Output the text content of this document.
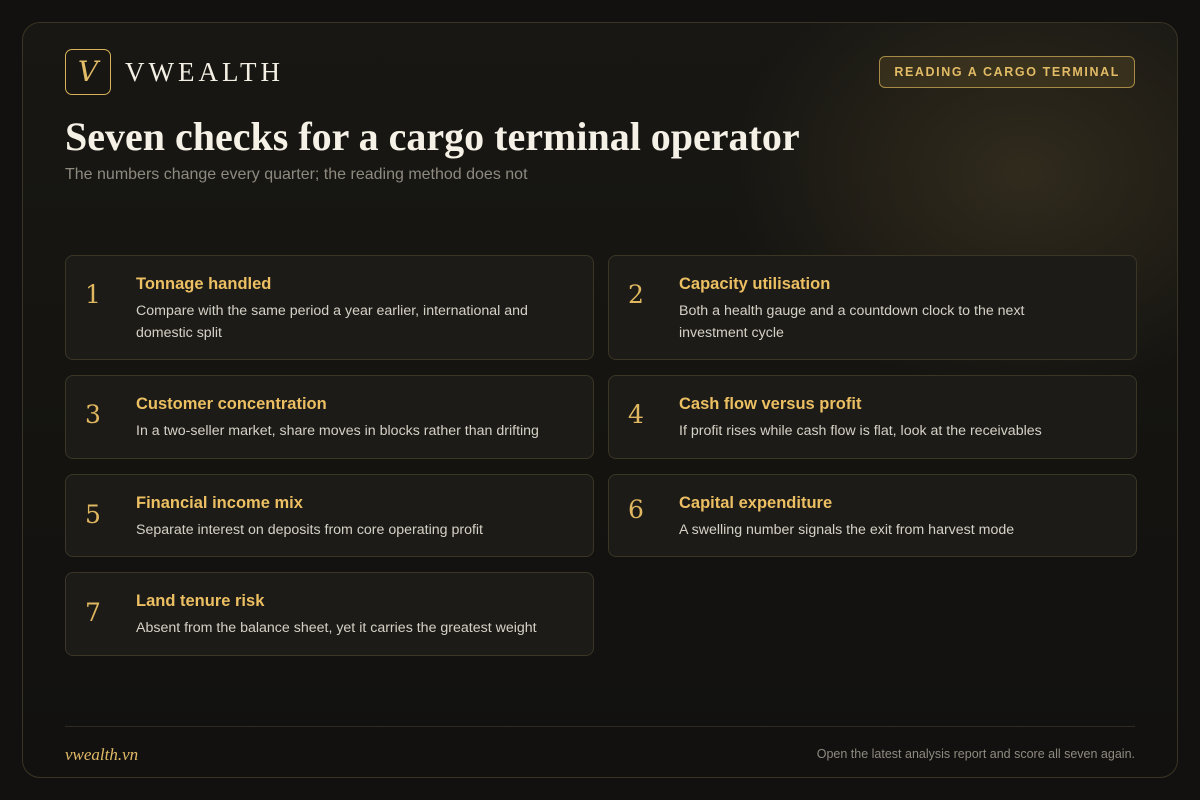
V VWEALTH	READING A CARGO TERMINAL
Seven checks for a cargo terminal operator
The numbers change every quarter; the reading method does not
1 Tonnage handled
Compare with the same period a year earlier, international and domestic split
2 Capacity utilisation
Both a health gauge and a countdown clock to the next investment cycle
3 Customer concentration
In a two-seller market, share moves in blocks rather than drifting
4 Cash flow versus profit
If profit rises while cash flow is flat, look at the receivables
5 Financial income mix
Separate interest on deposits from core operating profit
6 Capital expenditure
A swelling number signals the exit from harvest mode
7 Land tenure risk
Absent from the balance sheet, yet it carries the greatest weight
vwealth.vn	Open the latest analysis report and score all seven again.
